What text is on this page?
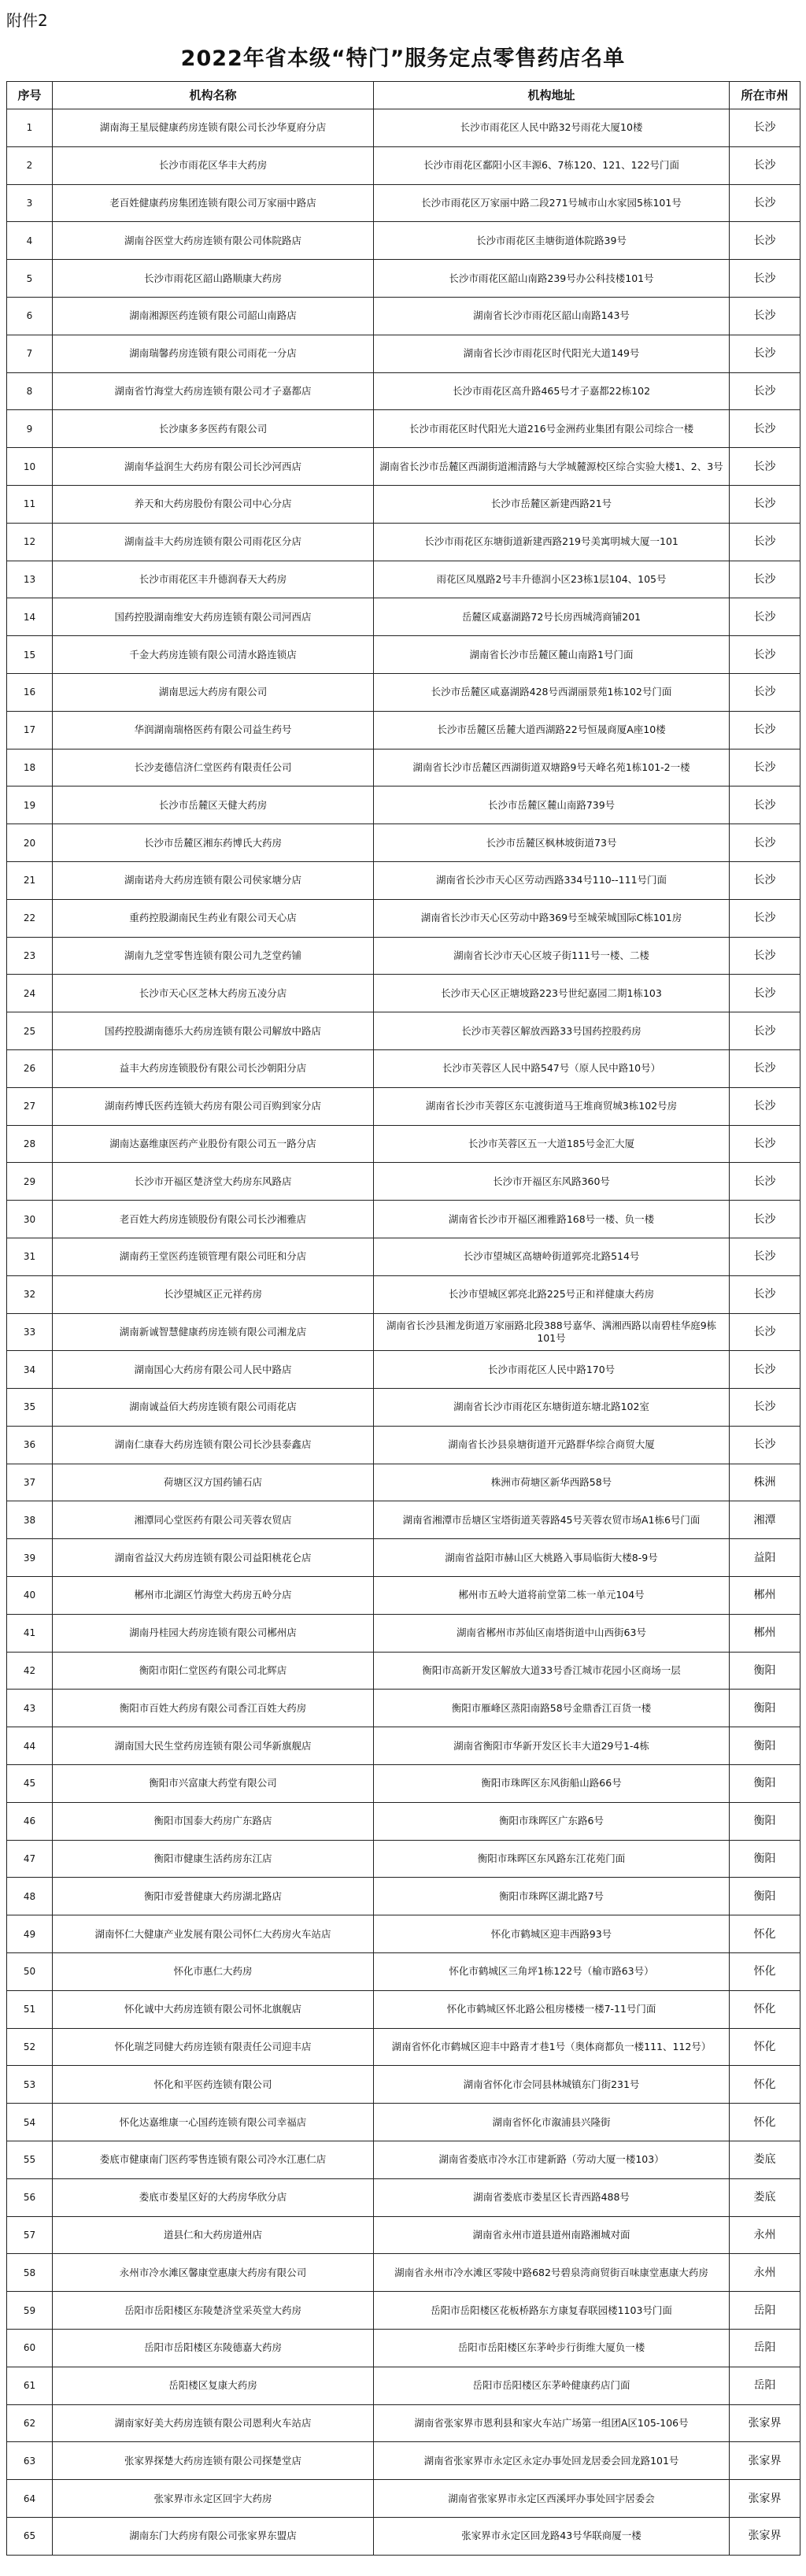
附件2
2022年省本级“特门”服务定点零售药店名单
序号	机构名称	机构地址	所在市州
1	湖南海王星辰健康药房连锁有限公司长沙华夏府分店	长沙市雨花区人民中路32号雨花大厦10楼	长沙
2	长沙市雨花区华丰大药房	长沙市雨花区鄱阳小区丰源6、7栋120、121、122号门面	长沙
3	老百姓健康药房集团连锁有限公司万家丽中路店	长沙市雨花区万家丽中路二段271号城市山水家园5栋101号	长沙
4	湖南谷医堂大药房连锁有限公司体院路店	长沙市雨花区圭塘街道体院路39号	长沙
5	长沙市雨花区韶山路顺康大药房	长沙市雨花区韶山南路239号办公科技楼101号	长沙
6	湖南湘源医药连锁有限公司韶山南路店	湖南省长沙市雨花区韶山南路143号	长沙
7	湖南瑞馨药房连锁有限公司雨花一分店	湖南省长沙市雨花区时代阳光大道149号	长沙
8	湖南省竹海堂大药房连锁有限公司才子嘉都店	长沙市雨花区高升路465号才子嘉都22栋102	长沙
9	长沙康多多医药有限公司	长沙市雨花区时代阳光大道216号金洲药业集团有限公司综合一楼	长沙
10	湖南华益润生大药房有限公司长沙河西店	湖南省长沙市岳麓区西湖街道湘清路与大学城麓源校区综合实验大楼1、2、3号	长沙
11	养天和大药房股份有限公司中心分店	长沙市岳麓区新建西路21号	长沙
12	湖南益丰大药房连锁有限公司雨花区分店	长沙市雨花区东塘街道新建西路219号美寓明城大厦一101	长沙
13	长沙市雨花区丰升德润春天大药房	雨花区凤凰路2号丰升德润小区23栋1层104、105号	长沙
14	国药控股湖南维安大药房连锁有限公司河西店	岳麓区咸嘉湖路72号长房西城湾商铺201	长沙
15	千金大药房连锁有限公司清水路连锁店	湖南省长沙市岳麓区麓山南路1号门面	长沙
16	湖南思远大药房有限公司	长沙市岳麓区咸嘉湖路428号西湖丽景苑1栋102号门面	长沙
17	华润湖南瑞格医药有限公司益生药号	长沙市岳麓区岳麓大道西湖路22号恒晟商厦A座10楼	长沙
18	长沙麦德信济仁堂医药有限责任公司	湖南省长沙市岳麓区西湖街道双塘路9号天峰名苑1栋101-2一楼	长沙
19	长沙市岳麓区天健大药房	长沙市岳麓区麓山南路739号	长沙
20	长沙市岳麓区湘东药博氏大药房	长沙市岳麓区枫林坡街道73号	长沙
21	湖南诺舟大药房连锁有限公司侯家塘分店	湖南省长沙市天心区劳动西路334号110--111号门面	长沙
22	重药控股湖南民生药业有限公司天心店	湖南省长沙市天心区劳动中路369号至城荣城国际C栋101房	长沙
23	湖南九芝堂零售连锁有限公司九芝堂药铺	湖南省长沙市天心区坡子街111号一楼、二楼	长沙
24	长沙市天心区芝林大药房五凌分店	长沙市天心区正塘坡路223号世纪嘉园二期1栋103	长沙
25	国药控股湖南德乐大药房连锁有限公司解放中路店	长沙市芙蓉区解放西路33号国药控股药房	长沙
26	益丰大药房连锁股份有限公司长沙朝阳分店	长沙市芙蓉区人民中路547号（原人民中路10号）	长沙
27	湖南药博氏医药连锁大药房有限公司百购到家分店	湖南省长沙市芙蓉区东屯渡街道马王堆商贸城3栋102号房	长沙
28	湖南达嘉维康医药产业股份有限公司五一路分店	长沙市芙蓉区五一大道185号金汇大厦	长沙
29	长沙市开福区楚济堂大药房东风路店	长沙市开福区东风路360号	长沙
30	老百姓大药房连锁股份有限公司长沙湘雅店	湖南省长沙市开福区湘雅路168号一楼、负一楼	长沙
31	湖南药王堂医药连锁管理有限公司旺和分店	长沙市望城区高塘岭街道郭亮北路514号	长沙
32	长沙望城区正元祥药房	长沙市望城区郭亮北路225号正和祥健康大药房	长沙
33	湖南新诚智慧健康药房连锁有限公司湘龙店	湖南省长沙县湘龙街道万家丽路北段388号嘉华、满湘西路以南碧桂华庭9栋101号	长沙
34	湖南国心大药房有限公司人民中路店	长沙市雨花区人民中路170号	长沙
35	湖南诚益佰大药房连锁有限公司雨花店	湖南省长沙市雨花区东塘街道东塘北路102室	长沙
36	湖南仁康春大药房连锁有限公司长沙县泰鑫店	湖南省长沙县泉塘街道开元路群华综合商贸大厦	长沙
37	荷塘区汉方国药铺石店	株洲市荷塘区新华西路58号	株洲
38	湘潭同心堂医药有限公司芙蓉农贸店	湖南省湘潭市岳塘区宝塔街道芙蓉路45号芙蓉农贸市场A1栋6号门面	湘潭
39	湖南省益汉大药房连锁有限公司益阳桃花仑店	湖南省益阳市赫山区大桃路入事局临街大楼8-9号	益阳
40	郴州市北湖区竹海堂大药房五岭分店	郴州市五岭大道将前堂第二栋一单元104号	郴州
41	湖南丹桂园大药房连锁有限公司郴州店	湖南省郴州市苏仙区南塔街道中山西街63号	郴州
42	衡阳市阳仁堂医药有限公司北辉店	衡阳市高新开发区解放大道33号香江城市花园小区商场一层	衡阳
43	衡阳市百姓大药房有限公司香江百姓大药房	衡阳市雁峰区蒸阳南路58号金鼎香江百货一楼	衡阳
44	湖南国大民生堂药房连锁有限公司华新旗舰店	湖南省衡阳市华新开发区长丰大道29号1-4栋	衡阳
45	衡阳市兴富康大药堂有限公司	衡阳市珠晖区东风街船山路66号	衡阳
46	衡阳市国泰大药房广东路店	衡阳市珠晖区广东路6号	衡阳
47	衡阳市健康生活药房东江店	衡阳市珠晖区东风路东江花苑门面	衡阳
48	衡阳市爱普健康大药房湖北路店	衡阳市珠晖区湖北路7号	衡阳
49	湖南怀仁大健康产业发展有限公司怀仁大药房火车站店	怀化市鹤城区迎丰西路93号	怀化
50	怀化市惠仁大药房	怀化市鹤城区三角坪1栋122号（榆市路63号）	怀化
51	怀化诚中大药房连锁有限公司怀北旗舰店	怀化市鹤城区怀北路公租房楼楼一楼7-11号门面	怀化
52	怀化瑞芝同健大药房连锁有限责任公司迎丰店	湖南省怀化市鹤城区迎丰中路青才巷1号（奥体商都负一楼111、112号）	怀化
53	怀化和平医药连锁有限公司	湖南省怀化市会同县林城镇东门街231号	怀化
54	怀化达嘉维康一心国药连锁有限公司幸福店	湖南省怀化市溆浦县兴隆街	怀化
55	娄底市健康南门医药零售连锁有限公司冷水江惠仁店	湖南省娄底市冷水江市建新路（劳动大厦一楼103）	娄底
56	娄底市娄星区好的大药房华欣分店	湖南省娄底市娄星区长青西路488号	娄底
57	道县仁和大药房道州店	湖南省永州市道县道州南路湘城对面	永州
58	永州市冷水滩区馨康堂惠康大药房有限公司	湖南省永州市冷水滩区零陵中路682号碧泉湾商贸街百味康堂惠康大药房	永州
59	岳阳市岳阳楼区东陵楚济堂采英堂大药房	岳阳市岳阳楼区花板桥路东方康复春联园楼1103号门面	岳阳
60	岳阳市岳阳楼区东陵德嘉大药房	岳阳市岳阳楼区东茅岭步行街维大厦负一楼	岳阳
61	岳阳楼区复康大药房	岳阳市岳阳楼区东茅岭健康药店门面	岳阳
62	湖南家好美大药房连锁有限公司恩利火车站店	湖南省张家界市恩利县和家火车站广场第一组团A区105-106号	张家界
63	张家界探楚大药房连锁有限公司探楚堂店	湖南省张家界市永定区永定办事处回龙居委会回龙路101号	张家界
64	张家界市永定区回宇大药房	湖南省张家界市永定区西溪坪办事处回宇居委会	张家界
65	湖南东门大药房有限公司张家界东盟店	张家界市永定区回龙路43号华联商厦一楼	张家界
